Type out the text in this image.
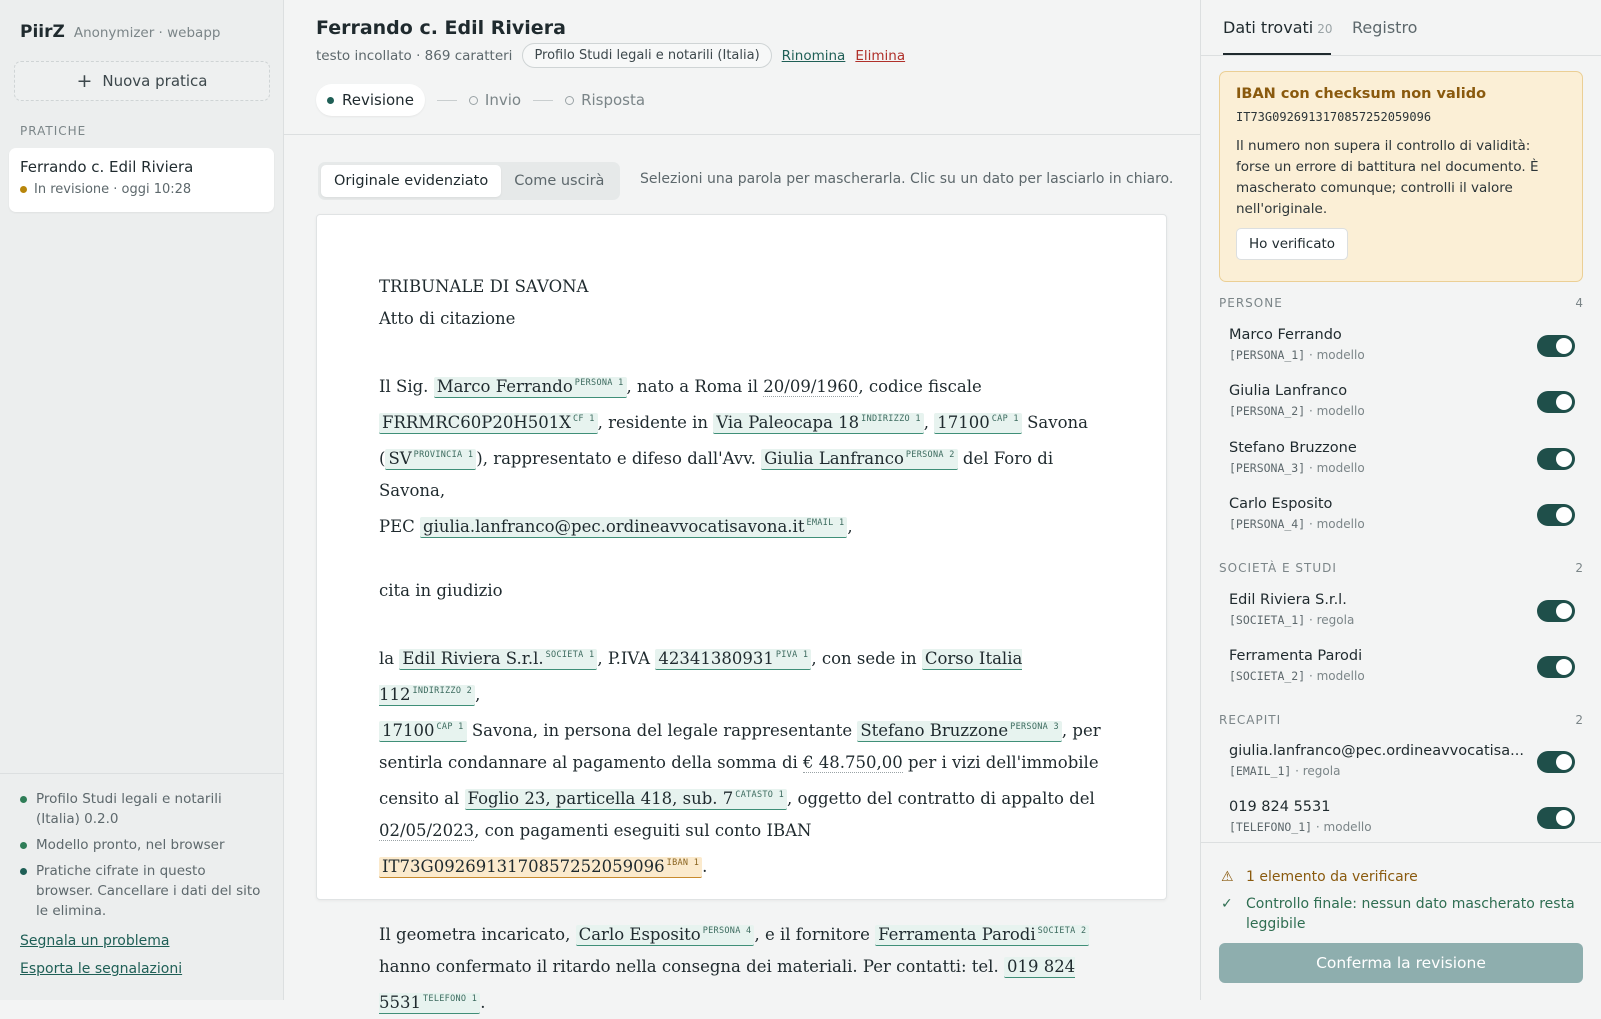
PiirZ Anonymizer · webapp
+ Nuova pratica
PRATICHE
Ferrando c. Edil Riviera
In revisione · oggi 10:28
Profilo Studi legali e notarili (Italia) 0.2.0
Modello pronto, nel browser
Pratiche cifrate in questo browser. Cancellare i dati del sito le elimina.
Segnala un problema
Esporta le segnalazioni
Ferrando c. Edil Riviera
testo incollato · 869 caratteri	Profilo Studi legali e notarili (Italia)	Rinomina Elimina
Revisione	Invio	Risposta
Originale evidenziato	Come uscirà	Selezioni una parola per mascherarla. Clic su un dato per lasciarlo in chiaro.

TRIBUNALE DI SAVONA

Atto di citazione

Il Sig. Marco Ferrando $^{PERSONA 1}$ , nato a Roma il 20/09/1960, codice fiscale
FRRMRC60P20H501X $^{CF 1}$ , residente in Via Paleocapa 18 $^{INDIRIZZO 1}$ , 17100 $^{CAP 1}$ Savona
( SV $^{PROVINCIA 1}$ ), rappresentato e difeso dall'Avv. Giulia Lanfranco $^{PERSONA 2}$ del Foro di Savona,
PEC giulia.lanfranco@pec.ordineavvocatisavona.it $^{EMAIL 1}$ ,

cita in giudizio

la Edil Riviera S.r.l. $^{SOCIETA 1}$ , P.IVA 42341380931 $^{PIVA 1}$ , con sede in Corso Italia 112 $^{INDIRIZZO 2}$ ,
17100 $^{CAP 1}$ Savona, in persona del legale rappresentante Stefano Bruzzone $^{PERSONA 3}$ , per sentirla condannare al pagamento della somma di € 48.750,00 per i vizi dell'immobile censito al Foglio 23, particella 418, sub. 7 $^{CATASTO 1}$ , oggetto del contratto di appalto del 02/05/2023, con pagamenti eseguiti sul conto IBAN IT73G0926913170857252059096 $^{IBAN 1}$ .

Il geometra incaricato, Carlo Esposito $^{PERSONA 4}$ , e il fornitore Ferramenta Parodi $^{SOCIETA 2}$ hanno confermato il ritardo nella consegna dei materiali. Per contatti: tel. 019 824 5531 $^{TELEFONO 1}$ .

Dati trovati 20 Registro
IBAN con checksum non valido
IT73G0926913170857252059096
Il numero non supera il controllo di validità: forse un errore di battitura nel documento. È mascherato comunque; controlli il valore nell'originale.
Ho verificato
PERSONE	4
Marco Ferrando
[PERSONA_1] · modello
Giulia Lanfranco
[PERSONA_2] · modello
Stefano Bruzzone
[PERSONA_3] · modello
Carlo Esposito
[PERSONA_4] · modello
SOCIETÀ E STUDI	2
Edil Riviera S.r.l.
[SOCIETA_1] · regola
Ferramenta Parodi
[SOCIETA_2] · modello
RECAPITI	2
giulia.lanfranco@pec.ordineavvocatisa...
[EMAIL_1] · regola
019 824 5531
[TELEFONO_1] · modello
⚠ 1 elemento da verificare
✓ Controllo finale: nessun dato mascherato resta leggibile
Conferma la revisione
